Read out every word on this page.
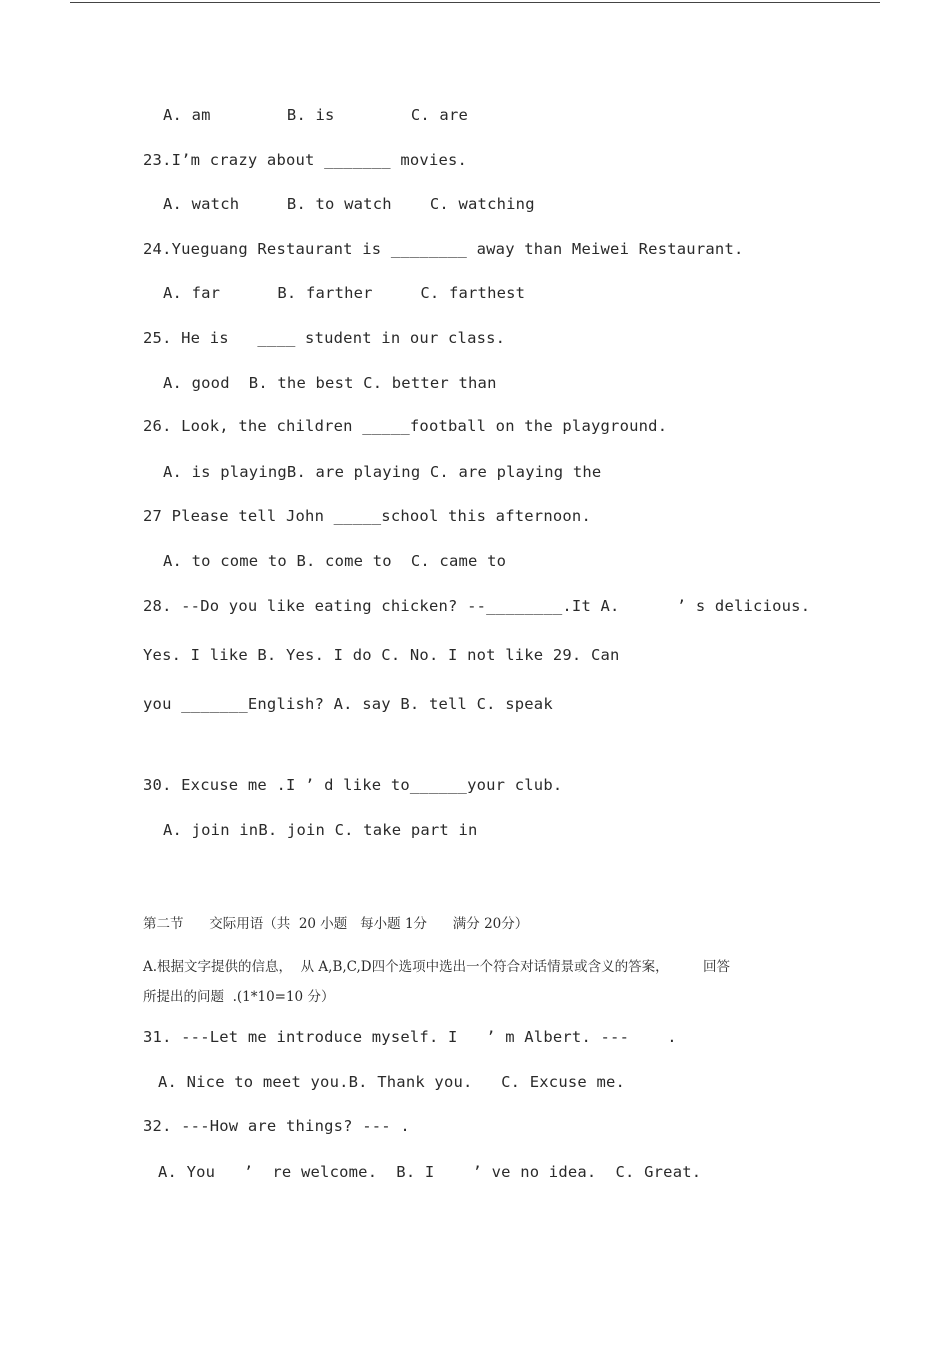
A. am        B. is        C. are
23.I’m crazy about _______ movies.
A. watch     B. to watch    C. watching
24.Yueguang Restaurant is ________ away than Meiwei Restaurant.
A. far      B. farther     C. farthest
25. He is   ____ student in our class.
A. good  B. the best C. better than
26. Look, the children _____football on the playground.
A. is playingB. are playing C. are playing the
27 Please tell John _____school this afternoon.
A. to come to B. come to  C. came to
28. --Do you like eating chicken? --________.It A.      ’ s delicious.
Yes. I like B. Yes. I do C. No. I not like 29. Can
you _______English? A. say B. tell C. speak
30. Excuse me .I ’ d like to______your club.
A. join inB. join C. take part in
第二节      交际用语（共  20 小题   每小题 1分      满分 20分）
A.根据文字提供的信息，  从 A,B,C,D四个选项中选出一个符合对话情景或含义的答案，        回答
所提出的问题  .(1*10=10 分）
31. ---Let me introduce myself. I   ’ m Albert. ---    .
A. Nice to meet you.B. Thank you.   C. Excuse me.
32. ---How are things? --- .
A. You   ’  re welcome.  B. I    ’ ve no idea.  C. Great.
